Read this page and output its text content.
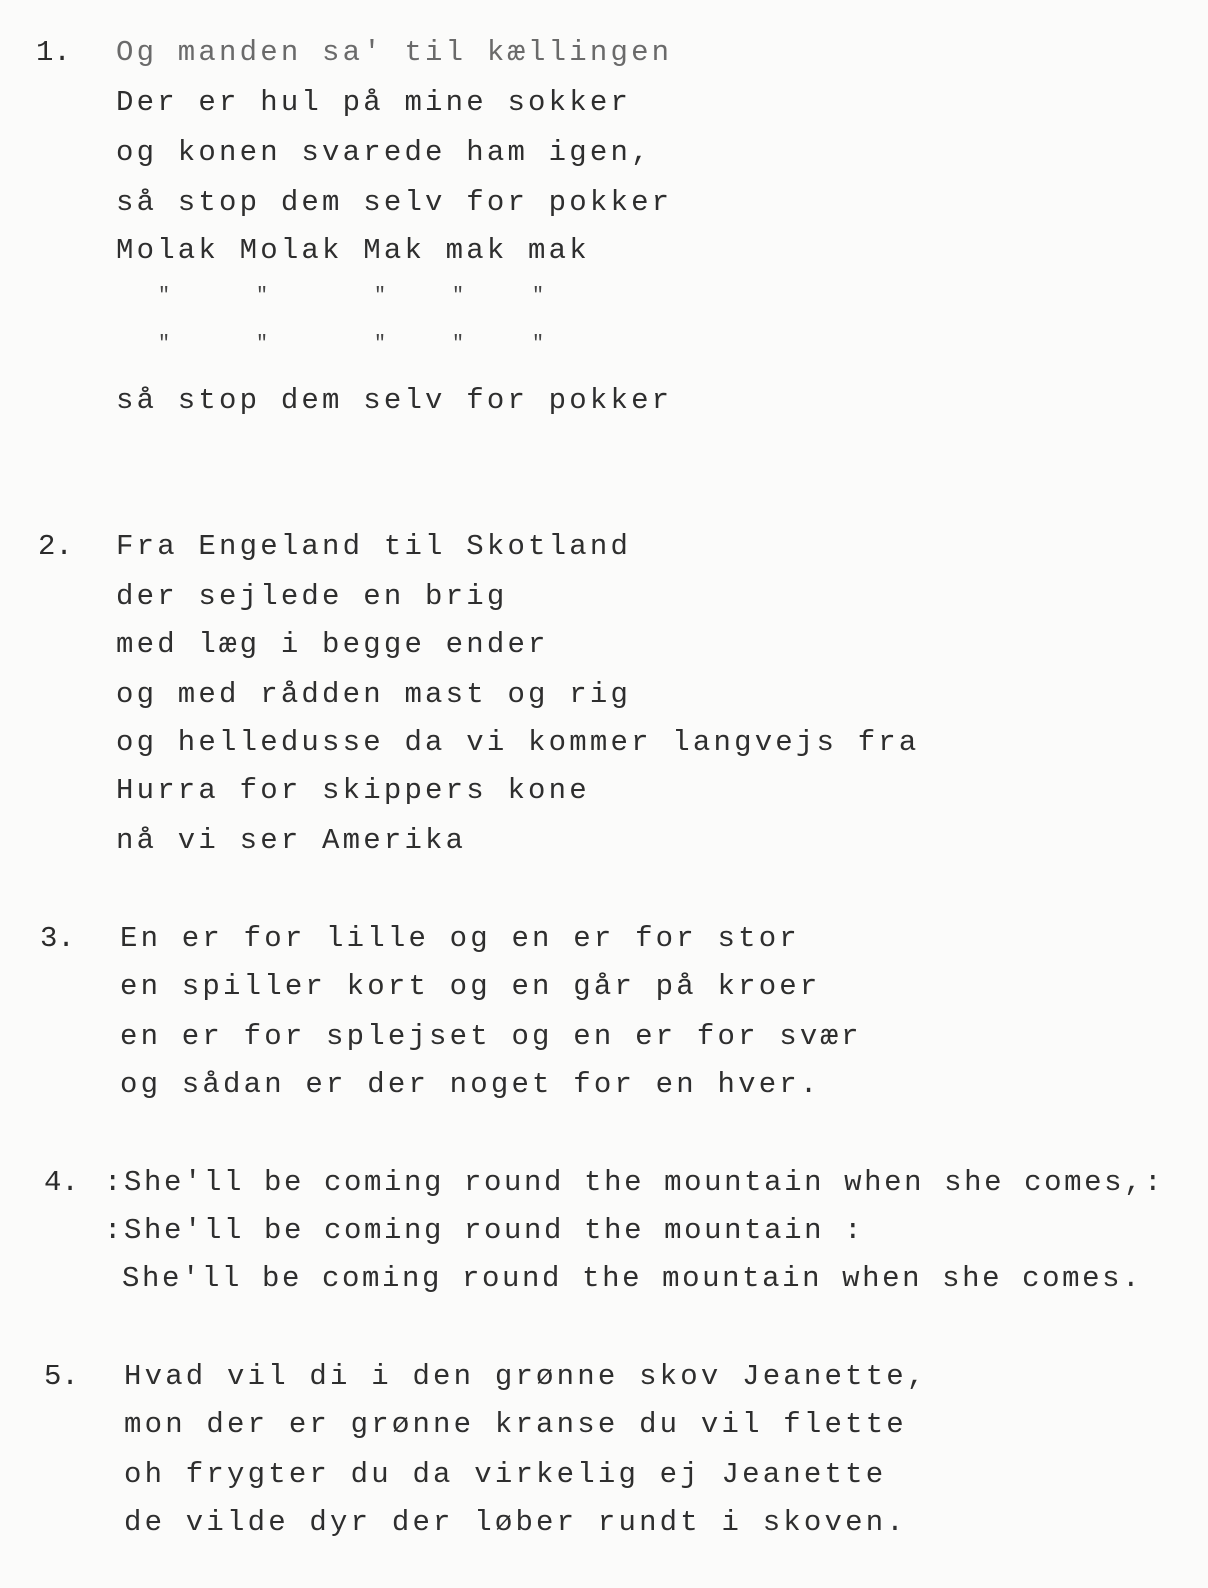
1. Og manden sa' til kællingen
Der er hul på mine sokker
og konen svarede ham igen,
så stop dem selv for pokker
Molak Molak Mak mak mak
"	"	"	"	"
"	"	"	"	"
så stop dem selv for pokker
2. Fra Engeland til Skotland
der sejlede en brig
med læg i begge ender
og med rådden mast og rig
og helledusse da vi kommer langvejs fra
Hurra for skippers kone
nå vi ser Amerika
3. En er for lille og en er for stor
en spiller kort og en går på kroer
en er for splejset og en er for svær
og sådan er der noget for en hver.
4. :She'll be coming round the mountain when she comes,:
:She'll be coming round the mountain :
She'll be coming round the mountain when she comes.
5. Hvad vil di i den grønne skov Jeanette,
mon der er grønne kranse du vil flette
oh frygter du da virkelig ej Jeanette
de vilde dyr der løber rundt i skoven.
